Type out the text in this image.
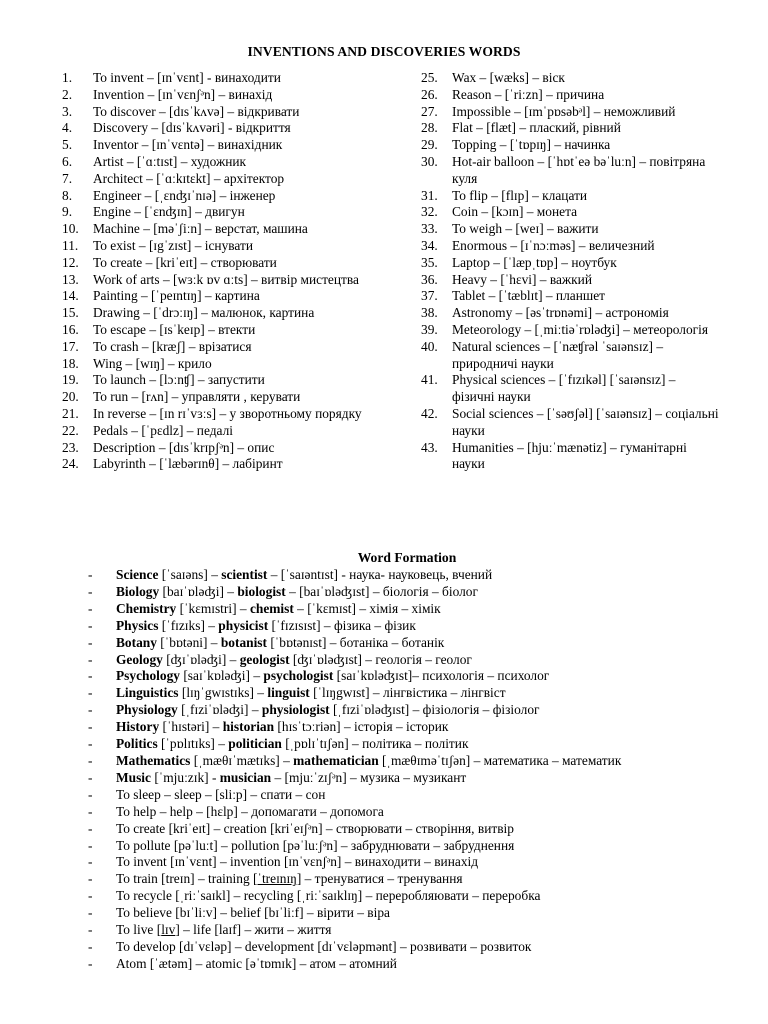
INVENTIONS AND DISCOVERIES WORDS
1.	To invent – [ɪnˈvɛnt] - винаходити
2.	Invention – [ɪnˈvɛnʃᵊn] – винахід
3.	To discover – [dɪsˈkʌvə] – відкривати
4.	Discovery – [dɪsˈkʌvəri] - відкриття
5.	Inventor – [ɪnˈvɛntə] – винахідник
6.	Artist – [ˈɑːtɪst] – художник
7.	Architect – [ˈɑːkɪtɛkt] – архітектор
8.	Engineer – [ˌɛnʤɪˈnɪə] – інженер
9.	Engine – [ˈɛnʤɪn] – двигун
10.	Machine – [məˈʃiːn] – верстат, машина
11.	To exist – [ɪgˈzɪst] – існувати
12.	To create – [kriˈeɪt] – створювати
13.	Work of arts – [wɜːk ɒv ɑːts] – витвір мистецтва
14.	Painting – [ˈpeɪntɪŋ] – картина
15.	Drawing – [ˈdrɔːɪŋ] – малюнок, картина
16.	To escape – [ɪsˈkeɪp] – втекти
17.	To crash – [kræʃ] – врізатися
18.	Wing – [wɪŋ] – крило
19.	To launch – [lɔːnʧ] – запустити
20.	To run – [rʌn] – управляти , керувати
21.	In reverse – [ɪn rɪˈvɜːs] – у зворотньому порядку
22.	Pedals – [ˈpɛdlz] – педалі
23.	Description – [dɪsˈkrɪpʃᵊn] – опис
24.	Labyrinth – [ˈlæbərɪnθ] – лабіринт
25.	Wax – [wæks] – віск
26.	Reason – [ˈriːzn] – причина
27.	Impossible – [ɪmˈpɒsəbᵊl] – неможливий
28.	Flat – [flæt] – плаский, рівний
29.	Topping – [ˈtɒpɪŋ] – начинка
30.	Hot-air balloon – [ˈhɒtˈeə bəˈluːn] – повітряна куля
31.	To flip – [flɪp] – клацати
32.	Coin – [kɔɪn] – монета
33.	To weigh – [weɪ] – важити
34.	Enormous – [ɪˈnɔːməs] – величезний
35.	Laptop – [ˈlæpˌtɒp] – ноутбук
36.	Heavy – [ˈhɛvi] – важкий
37.	Tablet – [ˈtæblɪt] – планшет
38.	Astronomy – [əsˈtrɒnəmi] – астрономія
39.	Meteorology – [ˌmiːtiəˈrɒləʤi] – метеорологія
40.	Natural sciences – [ˈnæʧrəl ˈsaɪənsɪz] – природничі науки
41.	Physical sciences – [ˈfɪzɪkəl] [ˈsaɪənsɪz] – фізичні науки
42.	Social sciences – [ˈsəʊʃəl] [ˈsaɪənsɪz] – соціальні науки
43.	Humanities – [hjuːˈmænətiz] – гуманітарні науки
Word Formation
-	Science [ˈsaɪəns] – scientist – [ˈsaɪəntɪst] - наука- науковець, вчений
-	Biology [baɪˈɒləʤi] – biologist – [baɪˈɒləʤɪst] – біологія – біолог
-	Chemistry [ˈkɛmɪstri] – chemist – [ˈkɛmɪst] – хімія – хімік
-	Physics [ˈfɪzɪks] – physicist [ˈfɪzɪsɪst] – фізика – фізик
-	Botany [ˈbɒtəni] – botanist [ˈbɒtənɪst] – ботаніка – ботанік
-	Geology [ʤɪˈɒləʤi] – geologist [ʤɪˈɒləʤɪst] – геологія – геолог
-	Psychology [saɪˈkɒləʤi] – psychologist [saɪˈkɒləʤɪst]– психологія – психолог
-	Linguistics [lɪŋˈgwɪstɪks] – linguist [ˈlɪŋgwɪst] – лінгвістика – лінгвіст
-	Physiology [ˌfɪziˈɒləʤi] – physiologist [ˌfɪziˈɒləʤɪst] – фізіологія – фізіолог
-	History [ˈhɪstəri] – historian [hɪsˈtɔːriən] – історія – історик
-	Politics [ˈpɒlɪtɪks] – politician [ˌpɒlɪˈtɪʃən] – політика – політик
-	Mathematics [ˌmæθɪˈmætɪks] – mathematician [ˌmæθɪməˈtɪʃən] – математика – математик
-	Music [ˈmjuːzɪk] - musician – [mjuːˈzɪʃᵊn] – музика – музикант
-	To sleep – sleep – [sliːp] – спати – сон
-	To help – help – [hɛlp] – допомагати – допомога
-	To create [kriˈeɪt] – creation [kriˈeɪʃᵊn] – створювати – створіння, витвір
-	To pollute [pəˈluːt] – pollution [pəˈluːʃᵊn] – забруднювати – забруднення
-	To invent [ɪnˈvɛnt] – invention [ɪnˈvɛnʃᵊn] – винаходити – винахід
-	To train [treɪn] – training [ˈtreɪnɪŋ] – тренуватися – тренування
-	To recycle [ˌriːˈsaɪkl] – recycling [ˌriːˈsaɪklɪŋ] – переробляювати – переробка
-	To believe [bɪˈliːv] – belief [bɪˈliːf] – вірити – віра
-	To live [lɪv] – life [laɪf] – жити – життя
-	To develop [dɪˈvɛləp] – development [dɪˈvɛləpmənt] – розвивати – розвиток
-	Atom [ˈætəm] – atomic [əˈtɒmɪk] – атом – атомний
